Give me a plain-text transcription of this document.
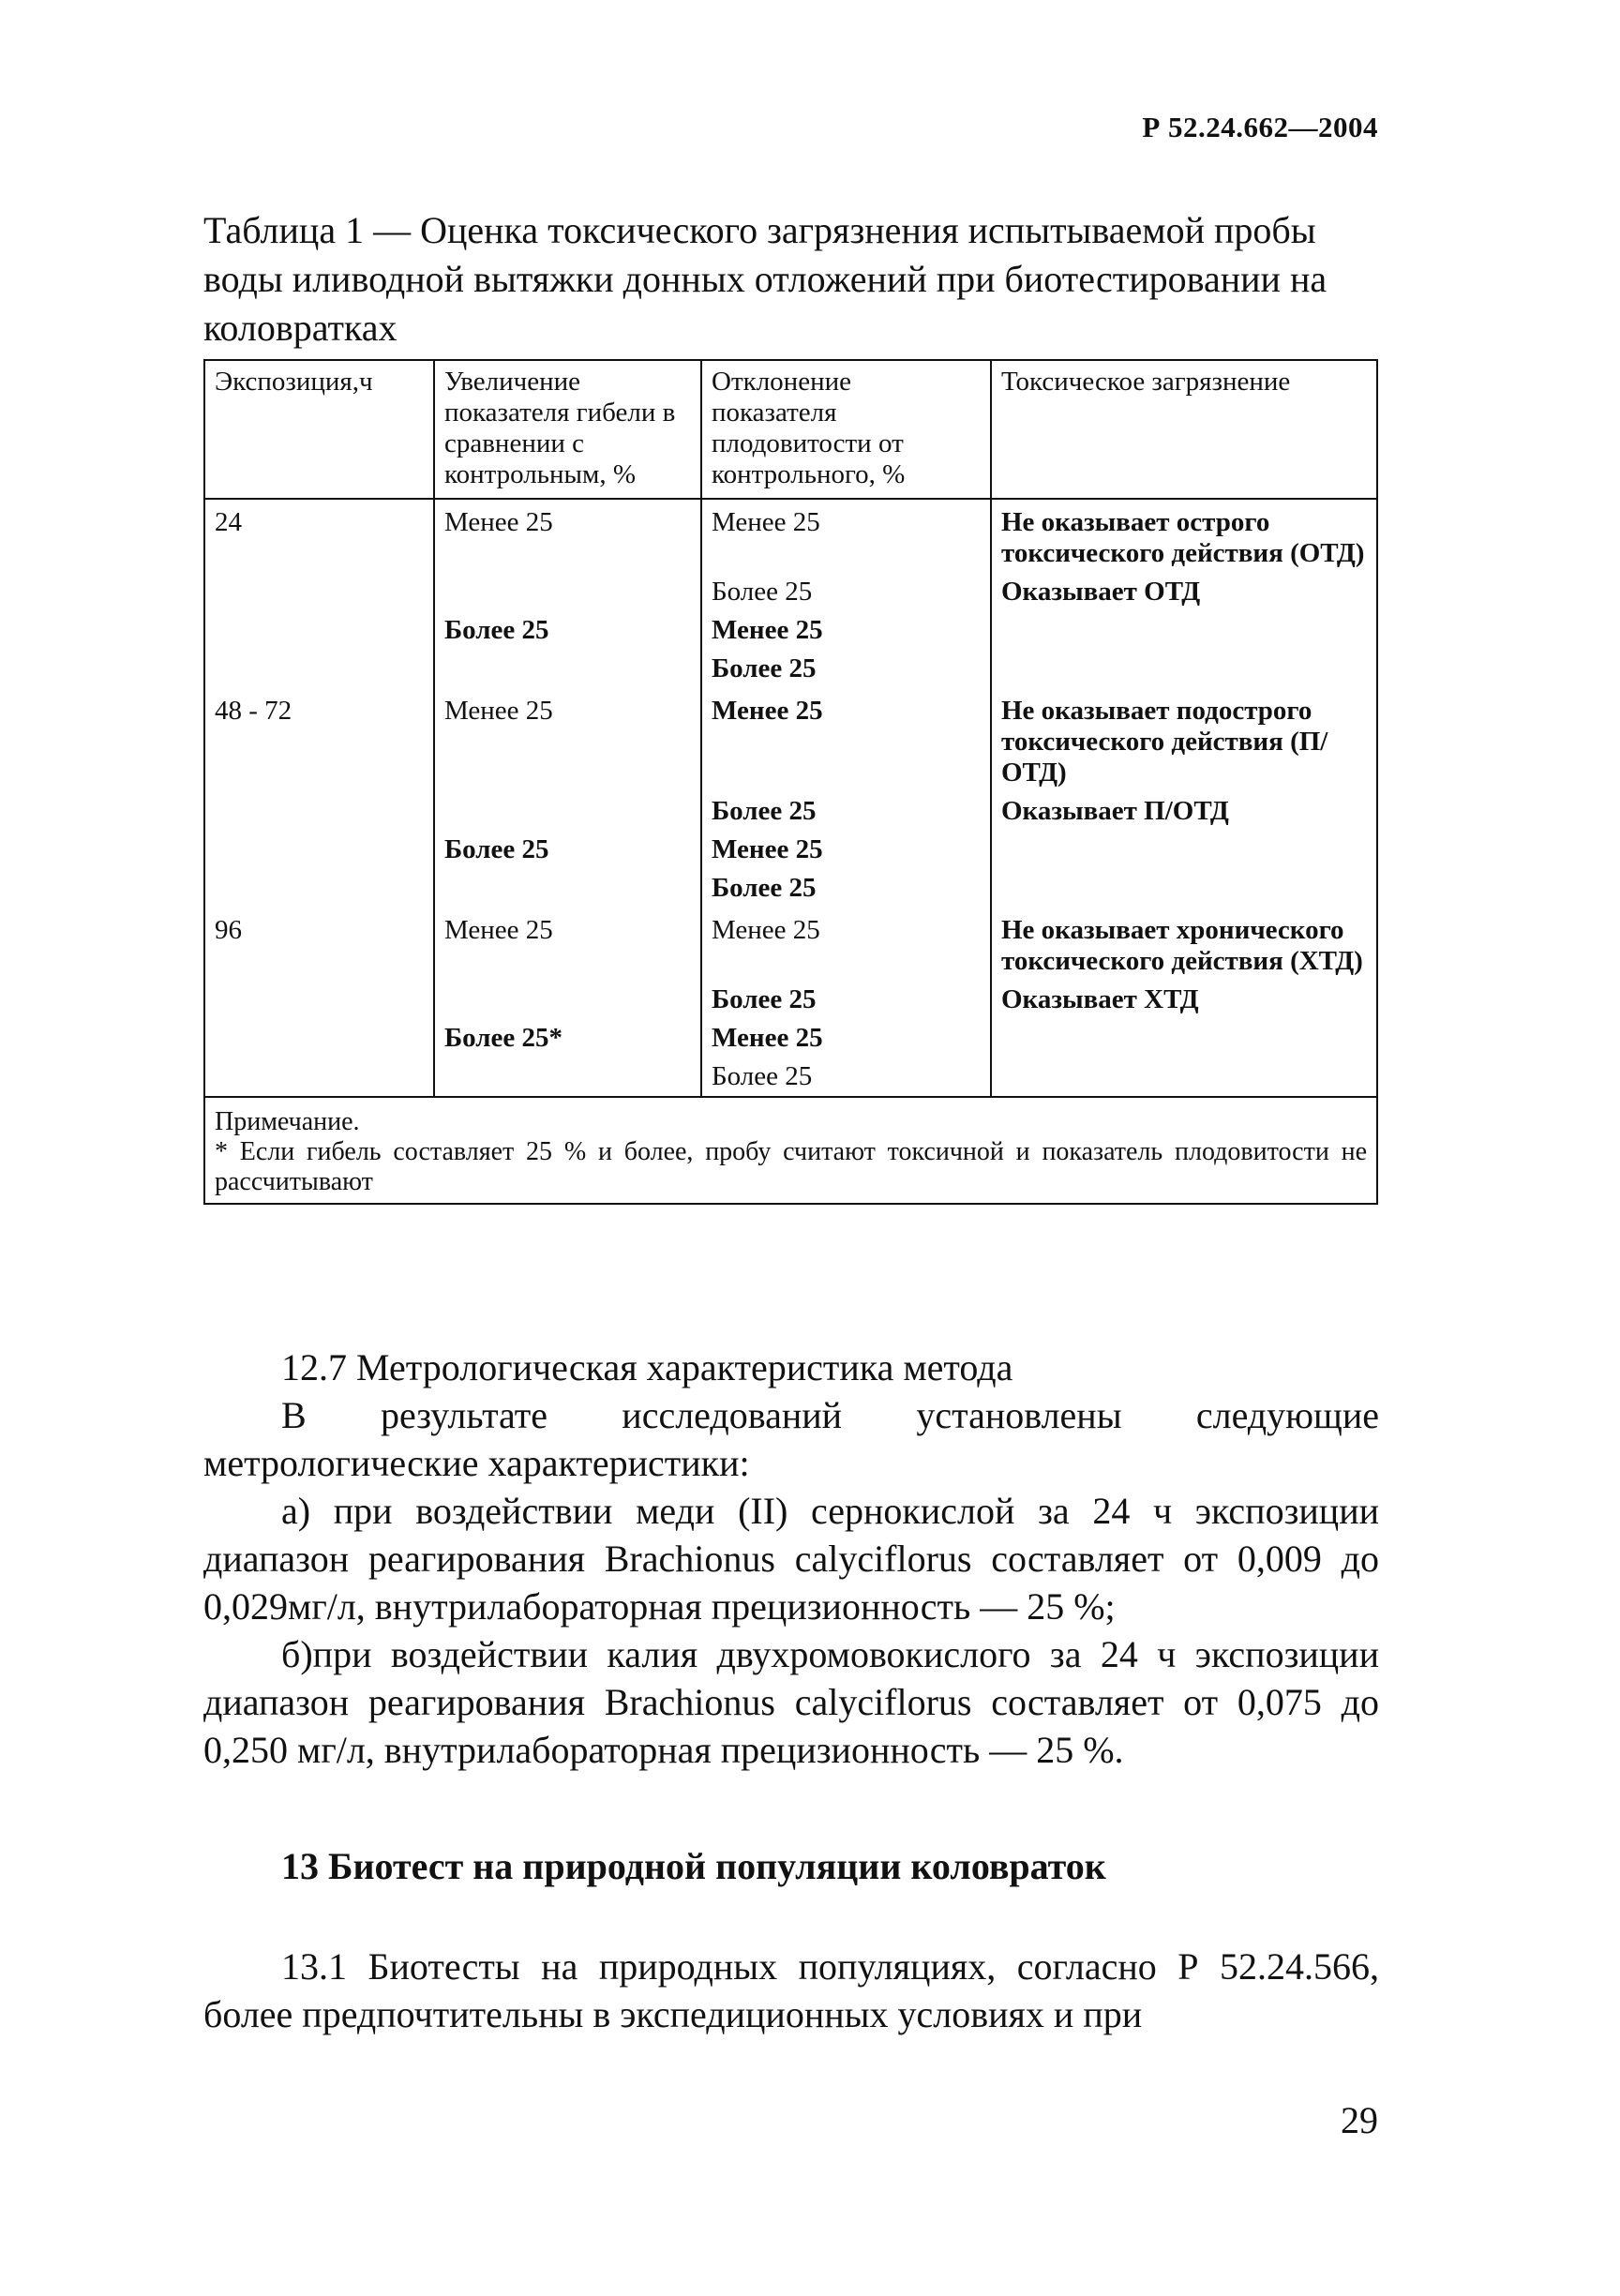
Р 52.24.662—2004
Таблица 1 — Оценка токсического загрязнения испытываемой пробы воды иливодной вытяжки донных отложений при биотестировании на коловратках
Экспозиция,ч	Увеличение показателя гибели в сравнении с контрольным, %	Отклонение показателя плодовитости от контрольного, %	Токсическое загрязнение
24	Менее 25	Менее 25	Не оказывает острого токсического действия (ОТД)
		Более 25	Оказывает ОТД
	Более 25	Менее 25	
		Более 25	
48 - 72	Менее 25	Менее 25	Не оказывает подострого токсического действия (П/ОТД)
		Более 25	Оказывает П/ОТД
	Более 25	Менее 25	
		Более 25	
96	Менее 25	Менее 25	Не оказывает хронического токсического действия (ХТД)
		Более 25	Оказывает ХТД
	Более 25*	Менее 25	
		Более 25	
Примечание.
* Если гибель составляет 25 % и более, пробу считают токсичной и показатель плодовитости не рассчитывают			

12.7 Метрологическая характеристика метода

В результате исследований установлены следующие метрологические характеристики:

а) при воздействии меди (II) сернокислой за 24 ч экспозиции диапазон реагирования Brachionus calyciflorus составляет от 0,009 до 0,029мг/л, внутрилабораторная прецизионность — 25 %;

б)при воздействии калия двухромовокислого за 24 ч экспозиции диапазон реагирования Brachionus calyciflorus составляет от 0,075 до 0,250 мг/л, внутрилабораторная прецизионность — 25 %.

13 Биотест на природной популяции коловраток

13.1 Биотесты на природных популяциях, согласно Р 52.24.566, более предпочтительны в экспедиционных условиях и при

29
